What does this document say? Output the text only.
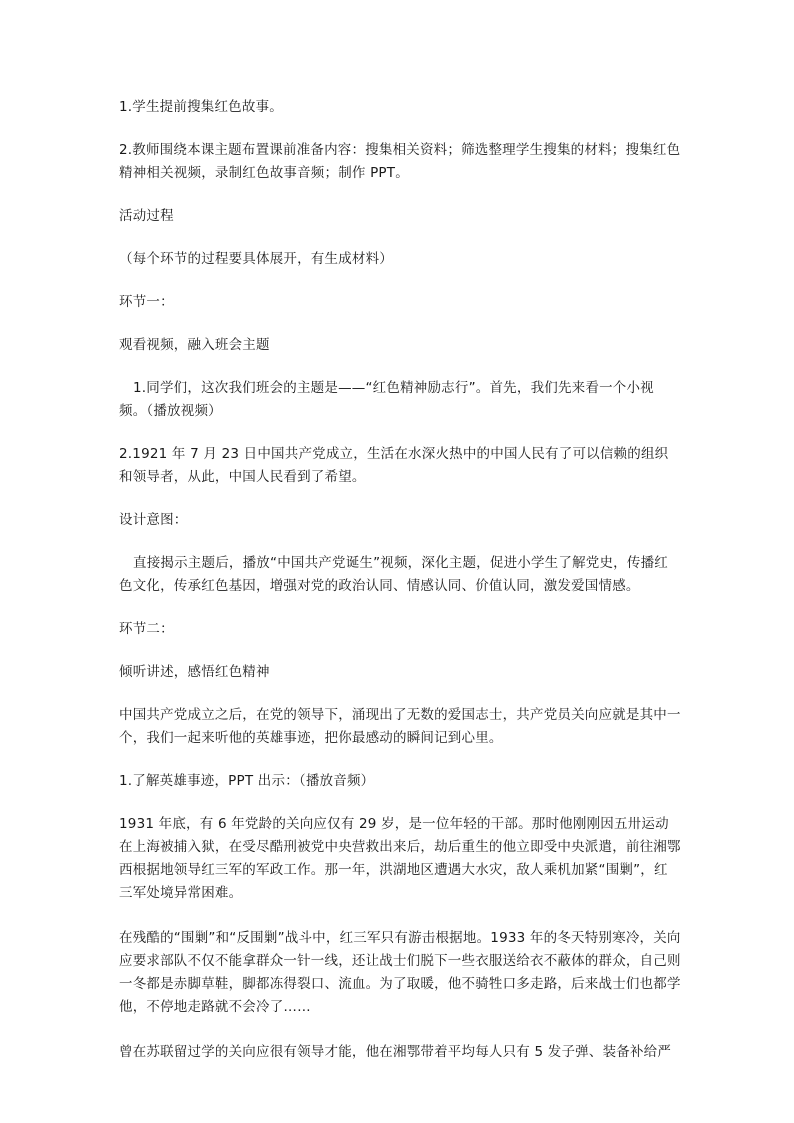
1.学生提前搜集红色故事。

2.教师围绕本课主题布置课前准备内容：搜集相关资料；筛选整理学生搜集的材料；搜集红色精神相关视频，录制红色故事音频；制作 PPT。

活动过程

（每个环节的过程要具体展开，有生成材料）

环节一：

观看视频，融入班会主题

1.同学们，这次我们班会的主题是——“红色精神励志行”。首先，我们先来看一个小视频。（播放视频）

2.1921 年 7 月 23 日中国共产党成立，生活在水深火热中的中国人民有了可以信赖的组织和领导者，从此，中国人民看到了希望。

设计意图：

直接揭示主题后，播放“中国共产党诞生”视频，深化主题，促进小学生了解党史，传播红色文化，传承红色基因，增强对党的政治认同、情感认同、价值认同，激发爱国情感。

环节二：

倾听讲述，感悟红色精神

中国共产党成立之后，在党的领导下，涌现出了无数的爱国志士，共产党员关向应就是其中一个，我们一起来听他的英雄事迹，把你最感动的瞬间记到心里。

1.了解英雄事迹，PPT 出示：（播放音频）

1931 年底，有 6 年党龄的关向应仅有 29 岁，是一位年轻的干部。那时他刚刚因五卅运动在上海被捕入狱，在受尽酷刑被党中央营救出来后，劫后重生的他立即受中央派遣，前往湘鄂西根据地领导红三军的军政工作。那一年，洪湖地区遭遇大水灾，敌人乘机加紧“围剿”，红三军处境异常困难。

在残酷的“围剿”和“反围剿”战斗中，红三军只有游击根据地。1933 年的冬天特别寒冷，关向应要求部队不仅不能拿群众一针一线，还让战士们脱下一些衣服送给衣不蔽体的群众，自己则一冬都是赤脚草鞋，脚都冻得裂口、流血。为了取暖，他不骑牲口多走路，后来战士们也都学他，不停地走路就不会冷了……

曾在苏联留过学的关向应很有领导才能，他在湘鄂带着平均每人只有 5 发子弹、装备补给严
